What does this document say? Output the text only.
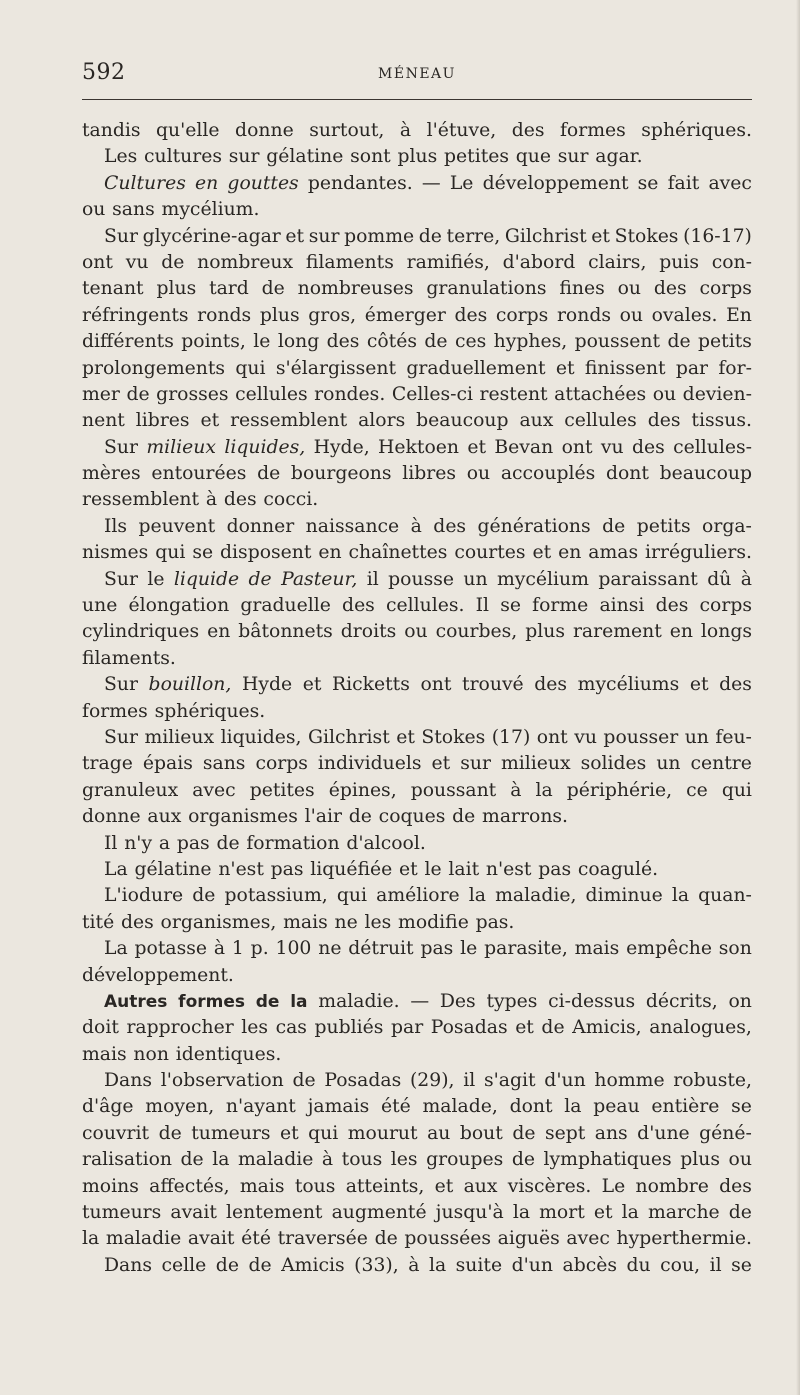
592	MÉNEAU
tandis qu'elle donne surtout, à l'étuve, des formes sphériques.
Les cultures sur gélatine sont plus petites que sur agar.
Cultures en gouttes pendantes. — Le développement se fait avec
ou sans mycélium.
Sur glycérine-agar et sur pomme de terre, Gilchrist et Stokes (16-17)
ont vu de nombreux filaments ramifiés, d'abord clairs, puis con-
tenant plus tard de nombreuses granulations fines ou des corps
réfringents ronds plus gros, émerger des corps ronds ou ovales. En
différents points, le long des côtés de ces hyphes, poussent de petits
prolongements qui s'élargissent graduellement et finissent par for-
mer de grosses cellules rondes. Celles-ci restent attachées ou devien-
nent libres et ressemblent alors beaucoup aux cellules des tissus.
Sur milieux liquides, Hyde, Hektoen et Bevan ont vu des cellules-
mères entourées de bourgeons libres ou accouplés dont beaucoup
ressemblent à des cocci.
Ils peuvent donner naissance à des générations de petits orga-
nismes qui se disposent en chaînettes courtes et en amas irréguliers.
Sur le liquide de Pasteur, il pousse un mycélium paraissant dû à
une élongation graduelle des cellules. Il se forme ainsi des corps
cylindriques en bâtonnets droits ou courbes, plus rarement en longs
filaments.
Sur bouillon, Hyde et Ricketts ont trouvé des mycéliums et des
formes sphériques.
Sur milieux liquides, Gilchrist et Stokes (17) ont vu pousser un feu-
trage épais sans corps individuels et sur milieux solides un centre
granuleux avec petites épines, poussant à la périphérie, ce qui
donne aux organismes l'air de coques de marrons.
Il n'y a pas de formation d'alcool.
La gélatine n'est pas liquéfiée et le lait n'est pas coagulé.
L'iodure de potassium, qui améliore la maladie, diminue la quan-
tité des organismes, mais ne les modifie pas.
La potasse à 1 p. 100 ne détruit pas le parasite, mais empêche son
développement.
Autres formes de la maladie. — Des types ci-dessus décrits, on
doit rapprocher les cas publiés par Posadas et de Amicis, analogues,
mais non identiques.
Dans l'observation de Posadas (29), il s'agit d'un homme robuste,
d'âge moyen, n'ayant jamais été malade, dont la peau entière se
couvrit de tumeurs et qui mourut au bout de sept ans d'une géné-
ralisation de la maladie à tous les groupes de lymphatiques plus ou
moins affectés, mais tous atteints, et aux viscères. Le nombre des
tumeurs avait lentement augmenté jusqu'à la mort et la marche de
la maladie avait été traversée de poussées aiguës avec hyperthermie.
Dans celle de de Amicis (33), à la suite d'un abcès du cou, il se
